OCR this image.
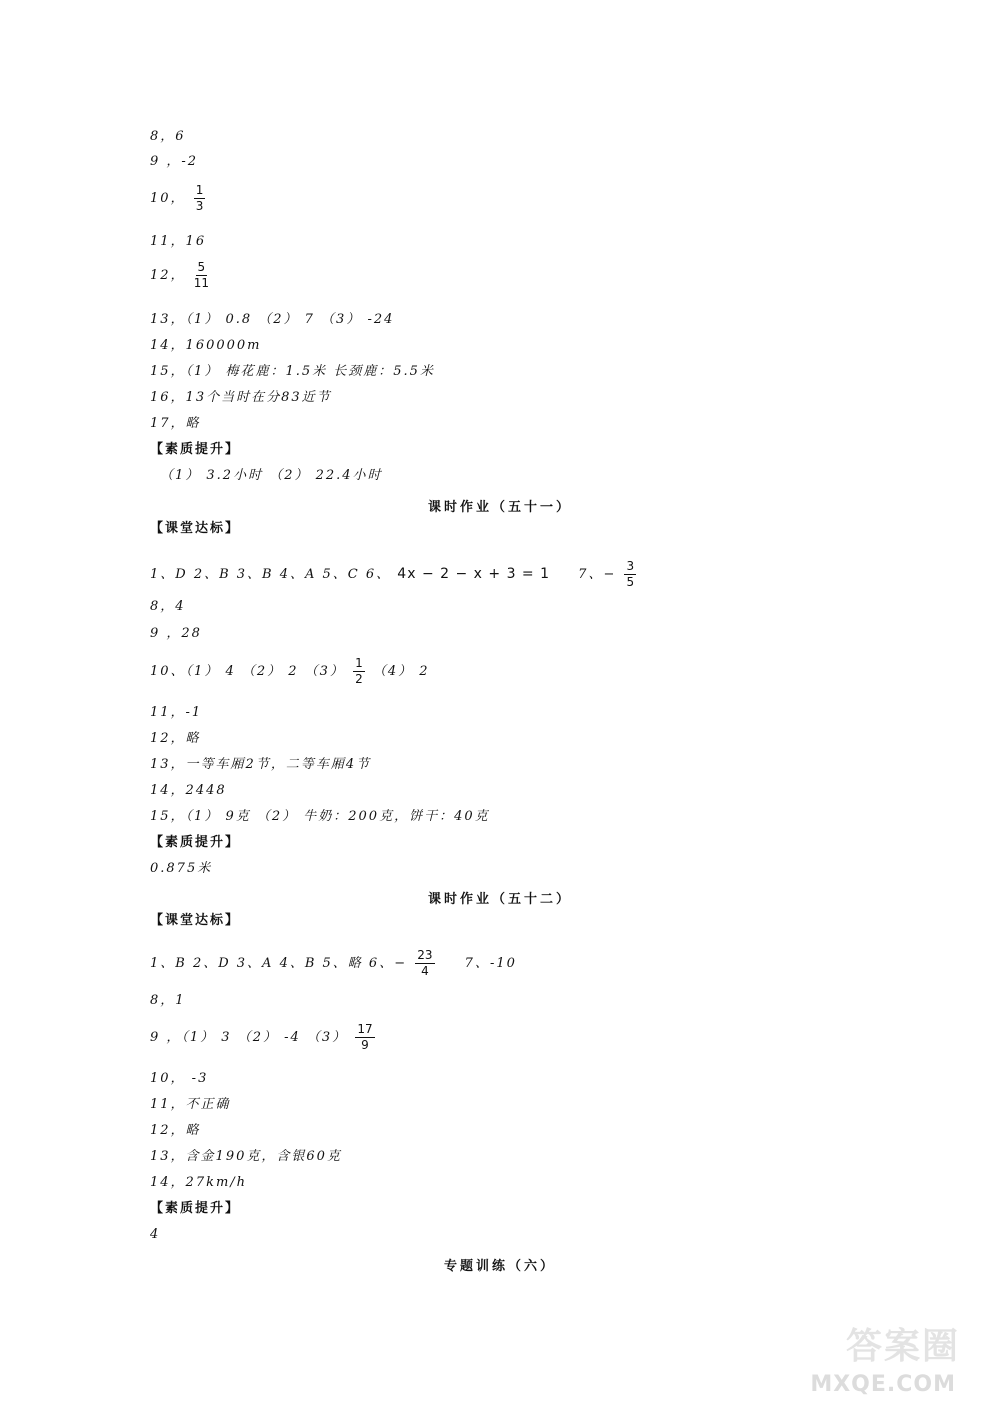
8，6
9 ，-2
10， $\frac{1}{3}$
11，16
12， $\frac{5}{11}$
13，（1） 0.8 （2） 7 （3） -24
14，160000m
15，（1） 梅花鹿：1.5米 长颈鹿：5.5米
16，13个当时在分83近节
17，略
【素质提升】
（1） 3.2小时 （2） 22.4小时
课时作业（五十一）
【课堂达标】
1、D 2、B 3、B 4、A 5、C 6、 4x − 2 − x + 3 = 1 7、− $\frac{3}{5}$
8，4
9 ，28
10、（1） 4 （2） 2 $(3) \frac{1}{2} (4)$ 2
11，-1
12，略
13，一等车厢2节，二等车厢4节
14，2448
15，（1） 9克 （2） 牛奶：200克，饼干：40克
【素质提升】
0.875米
课时作业（五十二）
【课堂达标】
1、B 2、D 3、A 4、B 5、略 6、− $\frac{23}{4} 7$、-10
8，1
9 ，（1） 3 （2） -4 $(3) \frac{17}{9}$
10， -3
11，不正确
12，略
13，含金190克，含银60克
14，27km/h
【素质提升】
4
专题训练（六）
答案圈
MXQE.COM
